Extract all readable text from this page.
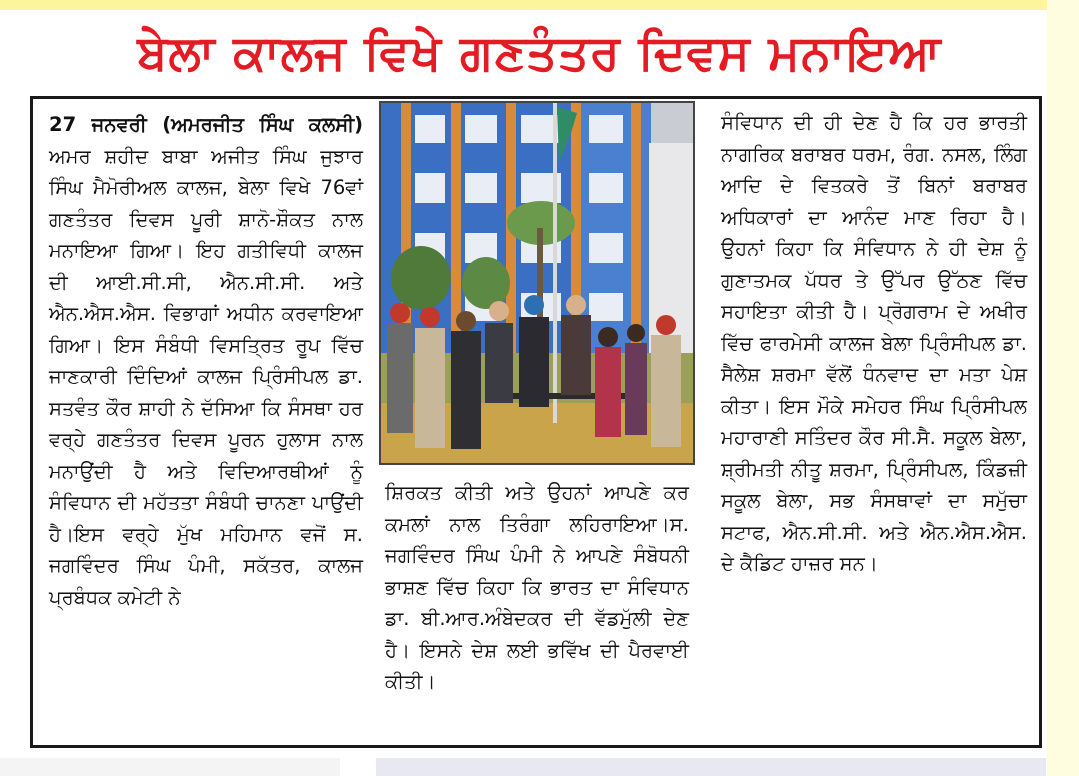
ਬੇਲਾ ਕਾਲਜ ਵਿਖੇ ਗਣਤੰਤਰ ਦਿਵਸ ਮਨਾਇਆ

27 ਜਨਵਰੀ (ਅਮਰਜੀਤ ਸਿੰਘ ਕਲਸੀ) ਅਮਰ ਸ਼ਹੀਦ ਬਾਬਾ ਅਜੀਤ ਸਿੰਘ ਜੁਝਾਰ ਸਿੰਘ ਮੈਮੋਰੀਅਲ ਕਾਲਜ, ਬੇਲਾ ਵਿਖੇ 76ਵਾਂ ਗਣਤੰਤਰ ਦਿਵਸ ਪੂਰੀ ਸ਼ਾਨੋ-ਸ਼ੌਕਤ ਨਾਲ ਮਨਾਇਆ ਗਿਆ। ਇਹ ਗਤੀਵਿਧੀ ਕਾਲਜ ਦੀ ਆਈ.ਸੀ.ਸੀ, ਐਨ.ਸੀ.ਸੀ. ਅਤੇ ਐਨ.ਐਸ.ਐਸ. ਵਿਭਾਗਾਂ ਅਧੀਨ ਕਰਵਾਇਆ ਗਿਆ। ਇਸ ਸੰਬੰਧੀ ਵਿਸਤ੍ਰਿਤ ਰੂਪ ਵਿੱਚ ਜਾਣਕਾਰੀ ਦਿੰਦਿਆਂ ਕਾਲਜ ਪ੍ਰਿੰਸੀਪਲ ਡਾ. ਸਤਵੰਤ ਕੌਰ ਸ਼ਾਹੀ ਨੇ ਦੱਸਿਆ ਕਿ ਸੰਸਥਾ ਹਰ ਵਰ੍ਹੇ ਗਣਤੰਤਰ ਦਿਵਸ ਪੂਰਨ ਹੁਲਾਸ ਨਾਲ ਮਨਾਉਂਦੀ ਹੈ ਅਤੇ ਵਿਦਿਆਰਥੀਆਂ ਨੂੰ ਸੰਵਿਧਾਨ ਦੀ ਮਹੱਤਤਾ ਸੰਬੰਧੀ ਚਾਨਣਾ ਪਾਉਂਦੀ ਹੈ।ਇਸ ਵਰ੍ਹੇ ਮੁੱਖ ਮਹਿਮਾਨ ਵਜੋਂ ਸ. ਜਗਵਿੰਦਰ ਸਿੰਘ ਪੰਮੀ, ਸਕੱਤਰ, ਕਾਲਜ ਪ੍ਰਬੰਧਕ ਕਮੇਟੀ ਨੇ

ਸ਼ਿਰਕਤ ਕੀਤੀ ਅਤੇ ਉਹਨਾਂ ਆਪਣੇ ਕਰ ਕਮਲਾਂ ਨਾਲ ਤਿਰੰਗਾ ਲਹਿਰਾਇਆ।ਸ. ਜਗਵਿੰਦਰ ਸਿੰਘ ਪੰਮੀ ਨੇ ਆਪਣੇ ਸੰਬੋਧਨੀ ਭਾਸ਼ਣ ਵਿੱਚ ਕਿਹਾ ਕਿ ਭਾਰਤ ਦਾ ਸੰਵਿਧਾਨ ਡਾ. ਬੀ.ਆਰ.ਅੰਬੇਦਕਰ ਦੀ ਵੱਡਮੁੱਲੀ ਦੇਣ ਹੈ। ਇਸਨੇ ਦੇਸ਼ ਲਈ ਭਵਿੱਖ ਦੀ ਪੈਰਵਾਈ ਕੀਤੀ।

ਸੰਵਿਧਾਨ ਦੀ ਹੀ ਦੇਣ ਹੈ ਕਿ ਹਰ ਭਾਰਤੀ ਨਾਗਰਿਕ ਬਰਾਬਰ ਧਰਮ, ਰੰਗ. ਨਸਲ, ਲਿੰਗ ਆਦਿ ਦੇ ਵਿਤਕਰੇ ਤੋਂ ਬਿਨਾਂ ਬਰਾਬਰ ਅਧਿਕਾਰਾਂ ਦਾ ਆਨੰਦ ਮਾਣ ਰਿਹਾ ਹੈ। ਉਹਨਾਂ ਕਿਹਾ ਕਿ ਸੰਵਿਧਾਨ ਨੇ ਹੀ ਦੇਸ਼ ਨੂੰ ਗੁਣਾਤਮਕ ਪੱਧਰ ਤੇ ਉੱਪਰ ਉੱਠਣ ਵਿੱਚ ਸਹਾਇਤਾ ਕੀਤੀ ਹੈ। ਪ੍ਰੋਗਰਾਮ ਦੇ ਅਖੀਰ ਵਿੱਚ ਫਾਰਮੇਸੀ ਕਾਲਜ ਬੇਲਾ ਪ੍ਰਿੰਸੀਪਲ ਡਾ. ਸੈਲੇਸ਼ ਸ਼ਰਮਾ ਵੱਲੋਂ ਧੰਨਵਾਦ ਦਾ ਮਤਾ ਪੇਸ਼ ਕੀਤਾ। ਇਸ ਮੌਕੇ ਸਮੇਹਰ ਸਿੰਘ ਪ੍ਰਿੰਸੀਪਲ ਮਹਾਰਾਣੀ ਸਤਿੰਦਰ ਕੌਰ ਸੀ.ਸੈ. ਸਕੂਲ ਬੇਲਾ, ਸ਼੍ਰੀਮਤੀ ਨੀਤੂ ਸ਼ਰਮਾ, ਪ੍ਰਿੰਸੀਪਲ, ਕਿੰਡਜ਼ੀ ਸਕੂਲ ਬੇਲਾ, ਸਭ ਸੰਸਥਾਵਾਂ ਦਾ ਸਮੁੱਚਾ ਸਟਾਫ, ਐਨ.ਸੀ.ਸੀ. ਅਤੇ ਐਨ.ਐਸ.ਐਸ. ਦੇ ਕੈਡਿਟ ਹਾਜ਼ਰ ਸਨ।
